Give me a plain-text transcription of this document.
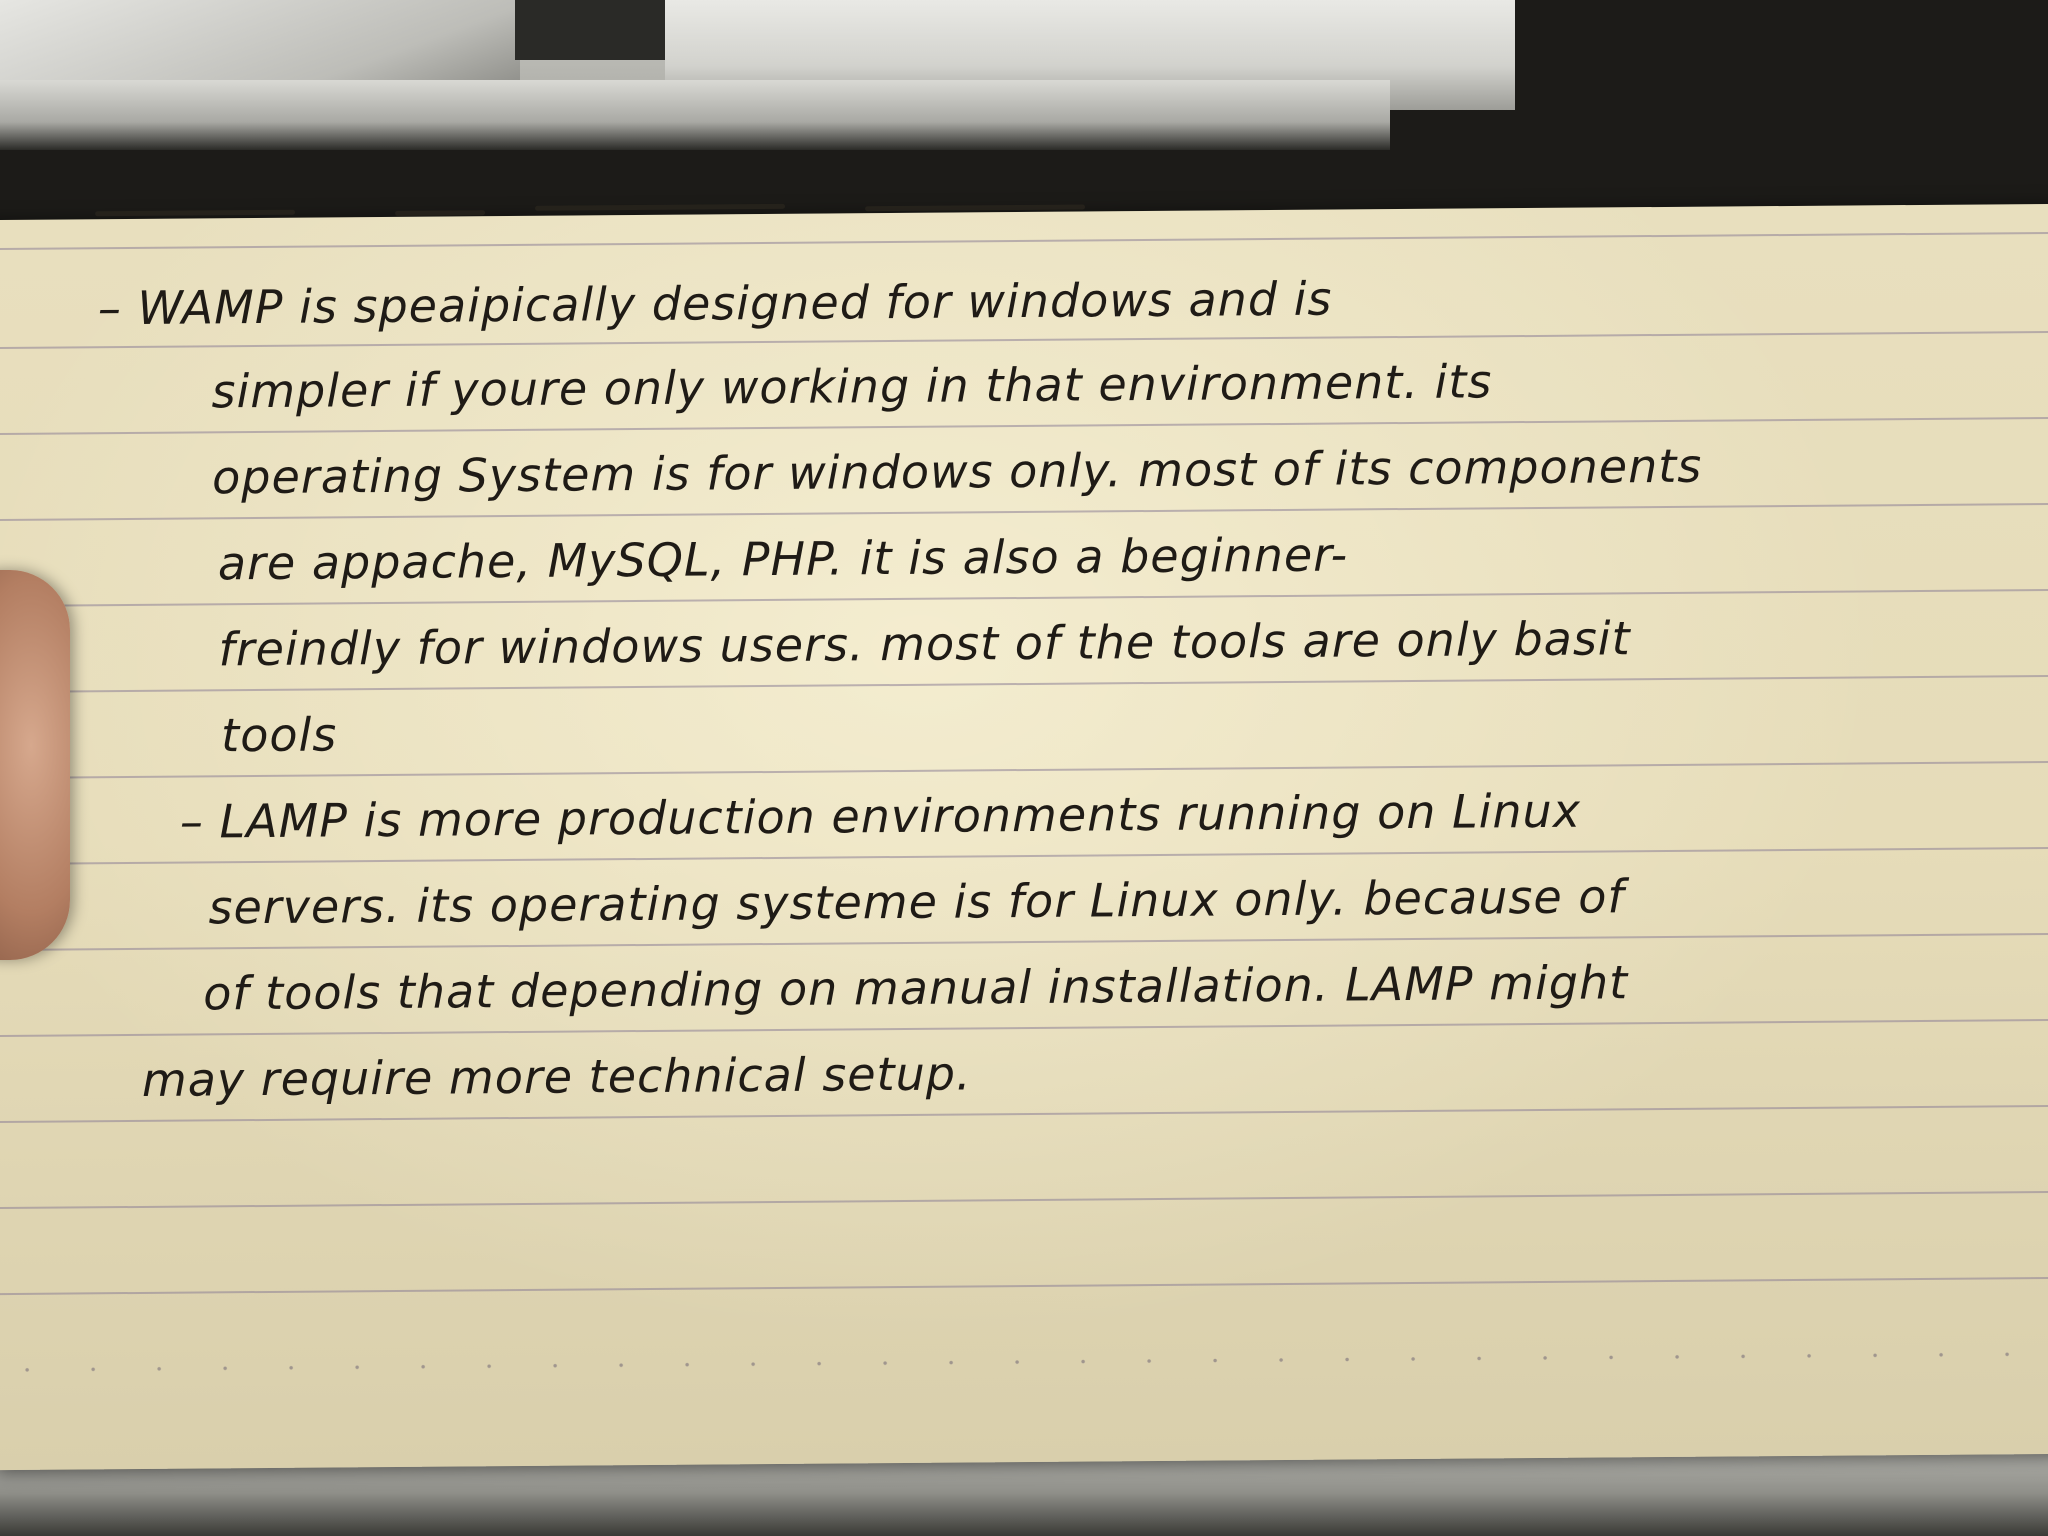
– WAMP is speaipically designed for windows and is

simpler if youre only working in that environment. its

operating System is for windows only. most of its components

are appache, MySQL, PHP. it is also a beginner-

freindly for windows users. most of the tools are only basit

tools

– LAMP is more production environments running on Linux

servers. its operating systeme is for Linux only. because of

of tools that depending on manual installation. LAMP might

may require more technical setup.
